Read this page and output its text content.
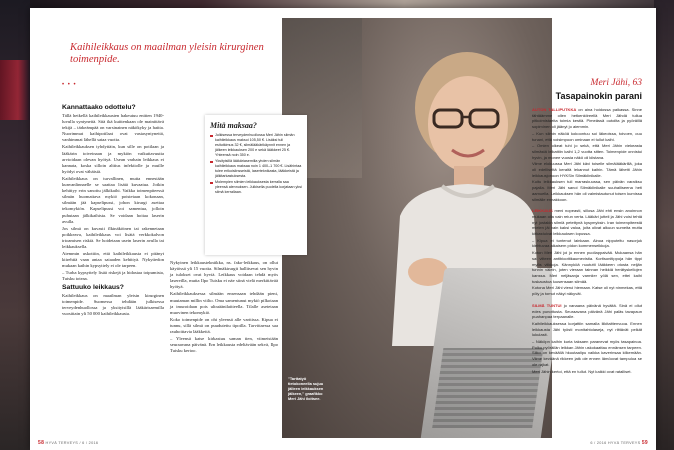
Kaihileikkaus on maailman yleisin kirurginen toimenpide.
• • •
Kannattaako odottelu?

Tällä hetkellä kaihileikkausten hakeutuu enitten 1940-luvulla syntyneitä. Sitä ikä kuittenkaan ole mainittävä tekijä – tärkeämpää on varsinainen näkökyky ja haitta. Nuorimmat kaihipotilaat ovat vastasyntyneitä, vanhimmat lähellä sataa vuotta.

Kaihileikkauksen tyhdyttäin, kun sille on potilaan ja lääkärin toiveinaan ja mykiön vaikuttavuutta arvioidaan olevan hyötyä. Usean varhain leikkaus ei kannata, koska silloin alttius infektiolle ja muille hyödyt ovat vähäisiä.

Kaihileikkaus on turvallinen, mutta ennestään kunvanlinnaelle se saattaa lisätä kuvaatua. Jotkin kehittyy erin sanottu jälkikaihi. Vaikka toimenpiteessä silmän huomattava mykiö poistetaan kokonaan, silmään jää kapselipussi, johon kirurgi asettaa tekomykiön. Kapselipussi voi samentua, jolloin puhutaan jälkikaihista. Se voidaan hoitaa laserin avulla.

Jos silmä on kuvasti flkinäköinen tai rakennetaan poikkeava, kaihileikkaus voi lisätä verkkokalvon irtoamisen riskiä. Se hoidetaan usein laserin avulla tai leikkauksella.

Aiemmin uskottiin, että kaihileikkausta ei pitänyt kiirehtiä vaan antaa saiaaden kehittyä. Nykytiedon mukaan kaihin kypsyttely ei ole tarpeen.

– Turha kypsyttely lisää riskejä ja hidastaa toipumista, Tuisku toteaa.

Sattuuko leikkaus?

Kaihileikkaus on maailman yleisin kirurginen toimenpide. Suomessa tehdään julkisessa terveydenhuollossa ja yksityisillä lääkärisaemilla vuosittain yli 50 000 kaihileikkausta.

Nykyinen leikkaustekniikka, ns. fako-leikkaus, on ollut käytössä yli 15 vuotta. Silmäkirurgit hallitsevat sen hyvin ja tulokset ovat hyviä. Leikkaus voidaan tehdä myös lasereilla, mutta Ilpo Tuisku ei näe siinä vielä merkittävää hyötyä.

Kaihileikkauksessa silmään ensensaan tehdään pieni, muutaman millin viilto. Oma samentunut mykiö pilkotaan ja imuroidaan pois ultraäänilaitteella. Tilalle asetetaan muovinen tekomykiö.

Koko toimenpide on ohi yleensä alle varttissa. Kipua ei tunnu, sillä silmä on puudutettu tipoilla. Tarvittaessa saa rauhoittavia lääkkeitä.

– Yleensä katse kirkastuu saman tien, viimeistään seuraavana päivänä. Ern leikkausta edeltävään sekvä, Ilpo Tuisku kertoo.

Mitä maksaa?
Julkisessa terveydenhuollossa Meri Jähin silmän kaihileikkaus maksoi 105,50 €. Lisäksi tuli esitutkimus 32 €, silmälääkärikäynnit ennen ja jälkeen leikkauksen 200 e sekä lääkkeet 25 €. Yhteensä noin 350 e.
Yksityisillä lääkäriasemilla yhden silmän kaihileikkaus maksaa noin 1 400–1 700 €. Lisähintaa tulee erikoislinsseistä, laserteknikasta, lääkkeistä ja jälkitarkastuksesta.
Molempien silmien leikkauksesta kerralla saa yleensä alennuksen. Julkisella puolella korjataan yksi silmä kerrallaan.
"Tarttatyö tietokoneella sujuu jälleen leikkauksen jälkeen," graafikko Meri Jähi iloitsee.
Meri Jähi, 63
Tasapainokin parani

AUTON TALLIPUTKKA on aina hoidossa paikassa. Sinne tähtäämme ollen hetkenkiireellä Meri Jähdä tullua pitkoimistaeita toimia kestiä. Pimeässä outoilta ja pyöräillä sopiminen oli jäänyt jo aiemmin.

– Kun silmin näköä kokoontuu soi läkeoissa, toivoen, ouu tunani, että voisimpoon ominaan ei tullut kaihi.

– Omien olkeat tuhi jo sekä, että Meri Jähin viekeasta silmästä leikattiin kaihi 1,2 vuotta sitten. Toimenpide onnistui hyvin, ja monee vuosia näkö oli kiistana.

Viime elokuussa Meri Jähi kävi toiselle silmälääkärillä, joka oli edelliseltä keraltä lekannut kaihin. Tämä lähetti Jähin leikkausjonoon HYKSin Silmäklinikalle.

Kuitu leikkauksen tuli marraskuussa, sen päivän varaiksu pajalla. Meri Jähi sanoi Silmäklinikalle suuhalliseena heti aamuella. Leikkauksen hän oli valmistautunut toisen kumissa silmälle ennakkoon.

LEIKKAUS meni nopeasti, sillosa Jähi ehti ensin anoinnon mukaan olla vain reiun verta. Lääkäri jutteli ja Jähi voisi tehtä nyt jostakin silmiä petettynä kysymyksin. Iran toimenpiteestä mielen jäi vain kaksi valoa, joita olivat alkuun sumeita mutta kirkastuivat leikkauksen lopussa.

– Kipua ei tuntenut lainkaan. Ainoa nipputeltu nasorjuk kiehtuvaa aikaisem pidon kommenseikkoja.

Koton Meri Jähi joi jo ennen puoliappaivää. Mukaansa hän sai viiteen antibioottikaumevistia. Kortisonitippoja hän tippi myös viikkoja. Kännyköä nuututti lääkkeen otosta neljän tunnin välein, joten vieraan tainnan heikkiä herätyskellojen kanssa. Meri neljäsanja varmiier yölä sen, ettei kaihi tuskaustoa luusensaan silmää.

Kotona Meri Jähi vierui hiemaan. Katse oli nyt ninmekas, että pöly ja tomut näkyi näkyvät.

SILMÄ TUNTUI jo vanaana päivänä hyvältä. Sinä ei ollut edes punottusta. Seuraavana päivänä Jähi paläs tavapaun puahanpaa terpaanalle.

Kaihileikkauksessa korjattiin samalla liikitaittenvuoa. Ennen leikkausta Jähi työsti monitahtolaseja, nyt riittävät pelkät lukulasit.

– Näköpn kaihin kuria taksaen paranevat myös tasapainoa. Polku pyöräilän leikkan Jähin uskokaattau ennänsen tarpeen. Siiko on keväällä hkuutaalipu vaikka kaverinsaa kilkemään. Viime keväänä rikkeen jatk ole ennen lämöovat tampuloa se ole rajkat.

Meri Jähin kertoi, että en tullut. Nyt kaikki ovat ratalliset.

58 HYVÄ TERVEYS / 6 / 2016	6 / 2016 HYVÄ TERVEYS 59
